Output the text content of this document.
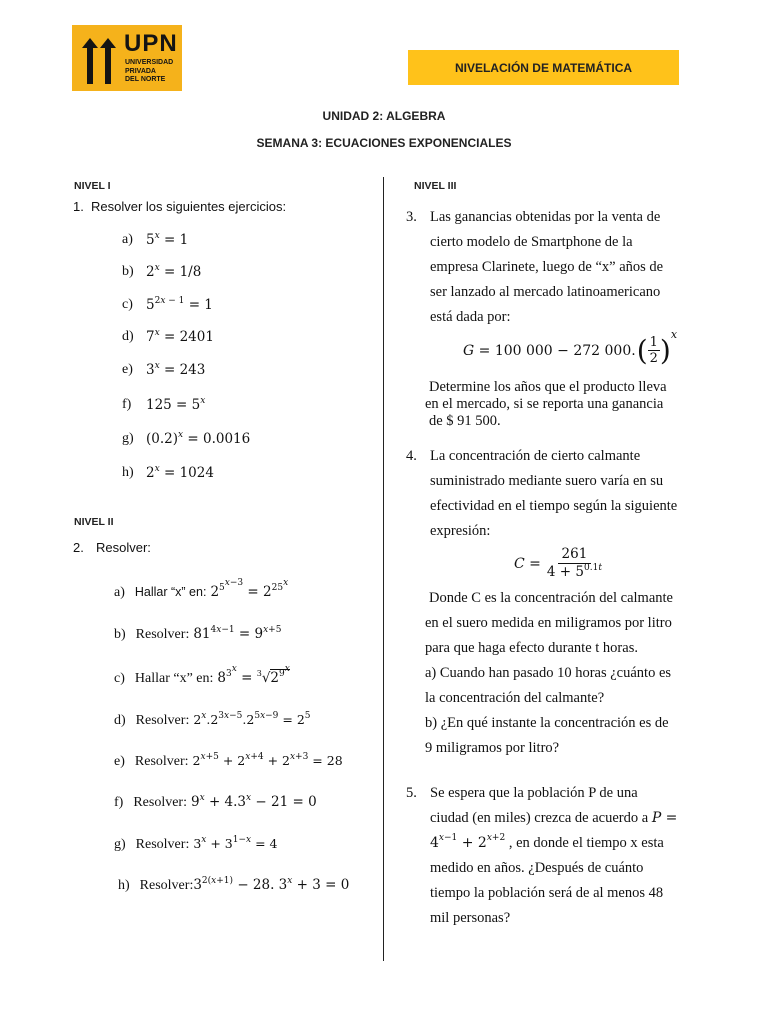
UPN
UNIVERSIDAD
PRIVADA
DEL NORTE
NIVELACIÓN DE MATEMÁTICA
UNIDAD 2: ALGEBRA
SEMANA 3: ECUACIONES EXPONENCIALES
NIVEL I
1. Resolver los siguientes ejercicios:
a) $5^x = 1$
b) $2^x = 1/8$
c) $5^{2x - 1} = 1$
d) $7^x = 2401$
e) $3^x = 243$
f) $125 = 5^x$
g) $(0.2)^x = 0.0016$
h) $2^x = 1024$
NIVEL II
2. Resolver:
a) Hallar “x” en: $2^{5^{x-3}} = 2^{25^x}$
b) Resolver: $81^{4x-1} = 9^{x+5}$
c) Hallar “x” en: $8^{3^x} = ^3√2^{9^x}$
d) Resolver: $2^x.2^{3x-5}.2^{5x-9} = 2^5$
e) Resolver: $2^{x+5} + 2^{x+4} + 2^{x+3} = 28$
f) Resolver: $9^x + 4.3^x - 21 = 0$
g) Resolver: $3^x + 3^{1-x} = 4$
h) $Resolver:3^{2(x+1)} - 28$. $3^x + 3 = 0$
NIVEL III
3. Las ganancias obtenidas por la venta de
cierto modelo de Smartphone de la
empresa Clarinete, luego de “x” años de
ser lanzado al mercado latinoamericano
está dada por:
G = 100 000 − 272 000. ( 1
2 ) x
Determine los años que el producto lleva
en el mercado, si se reporta una ganancia
de $ 91 500.
4. La concentración de cierto calmante
suministrado mediante suero varía en su
efectividad en el tiempo según la siguiente
expresión:
$C = \frac{261}{4 + 5^{0.1t}}$
Donde C es la concentración del calmante
en el suero medida en miligramos por litro
para que haga efecto durante t horas.
a) Cuando han pasado 10 horas ¿cuánto es
la concentración del calmante?
b) ¿En qué instante la concentración es de
9 miligramos por litro?
5. Se espera que la población P de una
ciudad (en miles) crezca de acuerdo a P =
$4^{x-1} + 2^{x+2}$ , en donde el tiempo x esta
medido en años. ¿Después de cuánto
tiempo la población será de al menos 48
mil personas?
